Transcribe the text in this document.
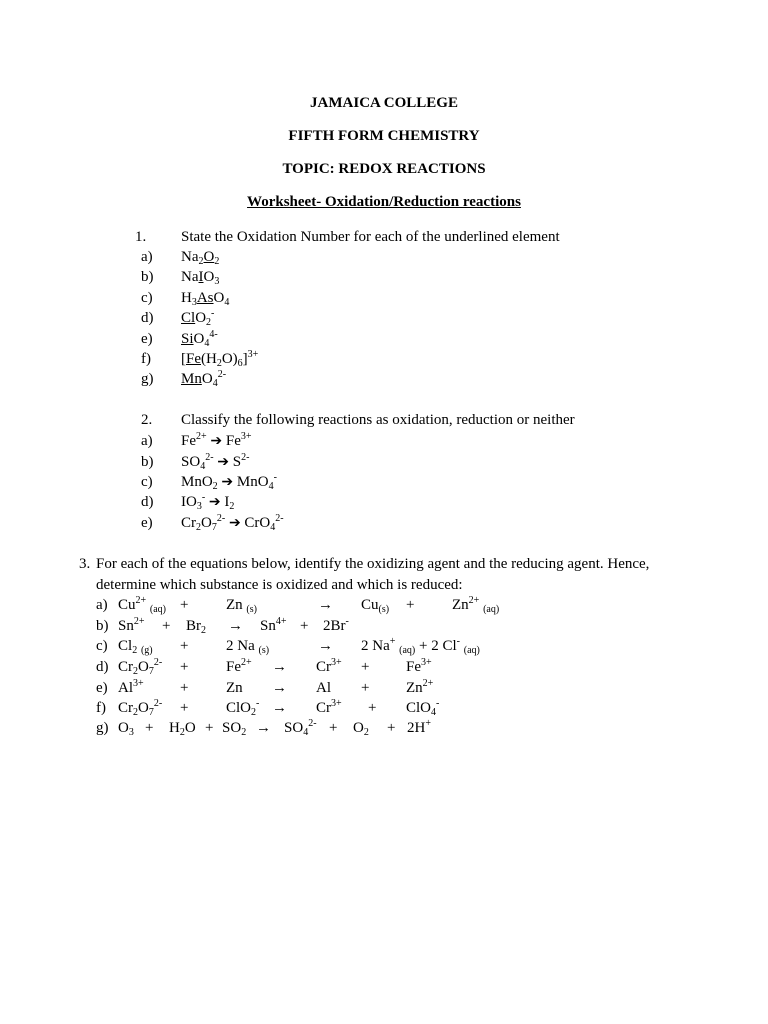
JAMAICA COLLEGE
FIFTH FORM CHEMISTRY
TOPIC: REDOX REACTIONS
Worksheet- Oxidation/Reduction reactions
1. State the Oxidation Number for each of the underlined element
a) $Na_2O_2$
b) NaIO$_3$
c) $H_3AsO_4$
d) ClO$_2$-
e) SiO$_4^{4-}$
f) $[Fe(H_2O)_6]^{3+}$
g) MnO$_4^{2-}$
2. Classify the following reactions as oxidation, reduction or neither
a) $Fe^{2+}$ ➔ $Fe^{3+}$
b) $SO_4^{2-}$ ➔ $S^{2-}$
c) MnO$_2$ ➔ MnO$_4$-
d) $IO_3^-$ ➔ $I_2$
e) $Cr_2O_7^{2-}$ ➔ CrO$_4^{2-}$
3. For each of the equations below, identify the oxidizing agent and the reducing agent. Hence,
determine which substance is oxidized and which is reduced:
a) $Cu^{2+}$ $_{(aq)}$ +	Zn $_{(s)}$	→ $Cu_{(s)}$ +	$Zn^{2+}$ $_{(aq)}$
b) $Sn^{2+} + Br_2 \to Sn^{4+} + 2Br^-$
c) $Cl_2$ $_{(g)}$ +	2 Na $_{(s)}$	→ 2 Na+ $_{(aq)}$ + 2 Cl- $_{(aq)}$
d) $Cr_2O_7^{2-}$ +	$Fe^{2+} \to Cr^{3+} + Fe^{3+}$
e) $Al^{3+}$ +	$Zn \to Al + Zn^{2+}$
f) $Cr_2O_7^{2-}$ +	$ClO_2^- \to Cr^{3+} + ClO_4^-$
g) $O_3 + H_2O + SO_2 \to SO_4^{2-} + O_2 + 2H^+$
